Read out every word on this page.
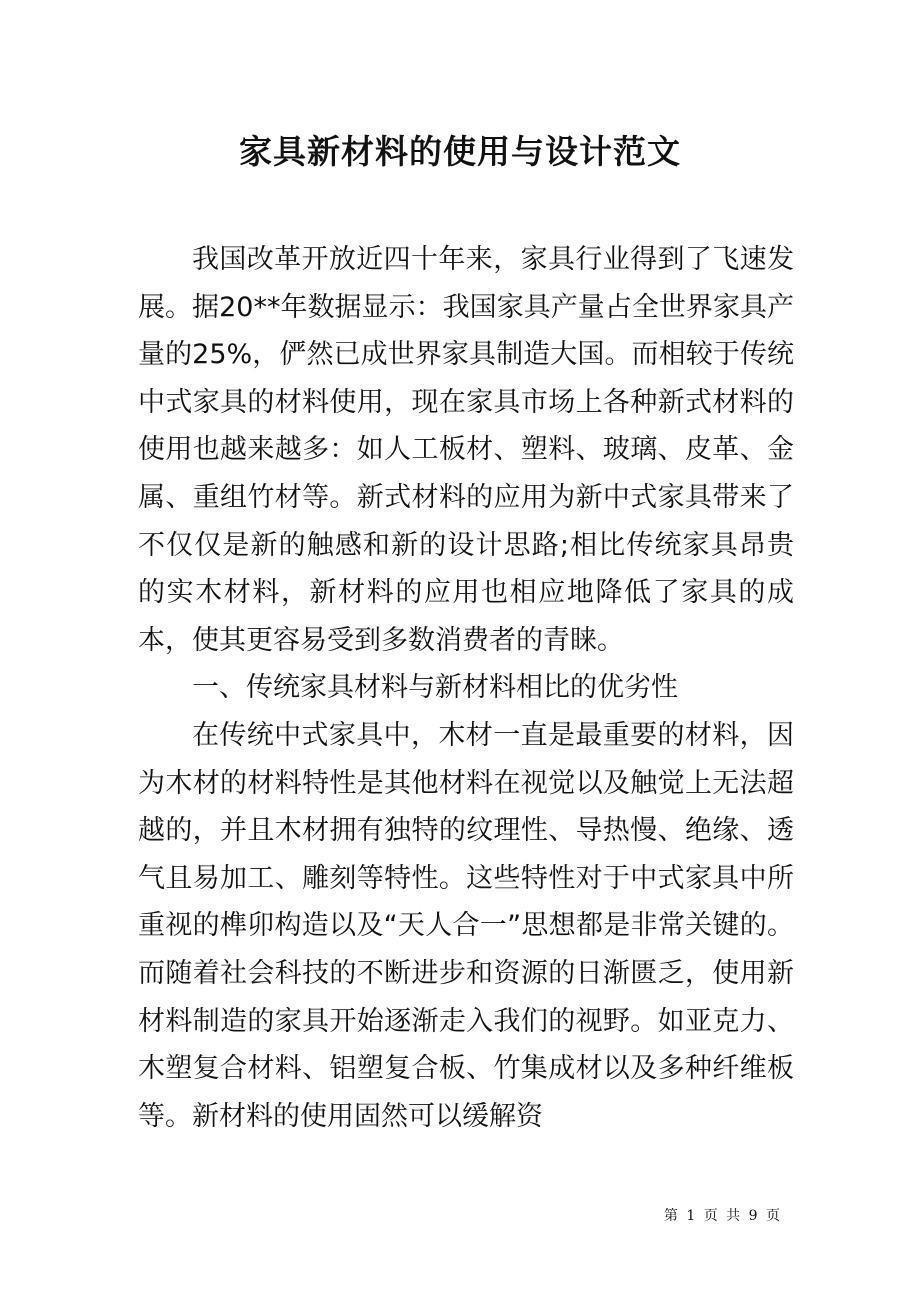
家具新材料的使用与设计范文

我国改革开放近四十年来，家具行业得到了飞速发展。据20**年数据显示：我国家具产量占全世界家具产量的25%，俨然已成世界家具制造大国。而相较于传统中式家具的材料使用，现在家具市场上各种新式材料的使用也越来越多：如人工板材、塑料、玻璃、皮革、金属、重组竹材等。新式材料的应用为新中式家具带来了不仅仅是新的触感和新的设计思路;相比传统家具昂贵的实木材料，新材料的应用也相应地降低了家具的成本，使其更容易受到多数消费者的青睐。

一、传统家具材料与新材料相比的优劣性

在传统中式家具中，木材一直是最重要的材料，因为木材的材料特性是其他材料在视觉以及触觉上无法超越的，并且木材拥有独特的纹理性、导热慢、绝缘、透气且易加工、雕刻等特性。这些特性对于中式家具中所重视的榫卯构造以及“天人合一”思想都是非常关键的。而随着社会科技的不断进步和资源的日渐匮乏，使用新材料制造的家具开始逐渐走入我们的视野。如亚克力、木塑复合材料、铝塑复合板、竹集成材以及多种纤维板等。新材料的使用固然可以缓解资

第 1 页 共 9 页
